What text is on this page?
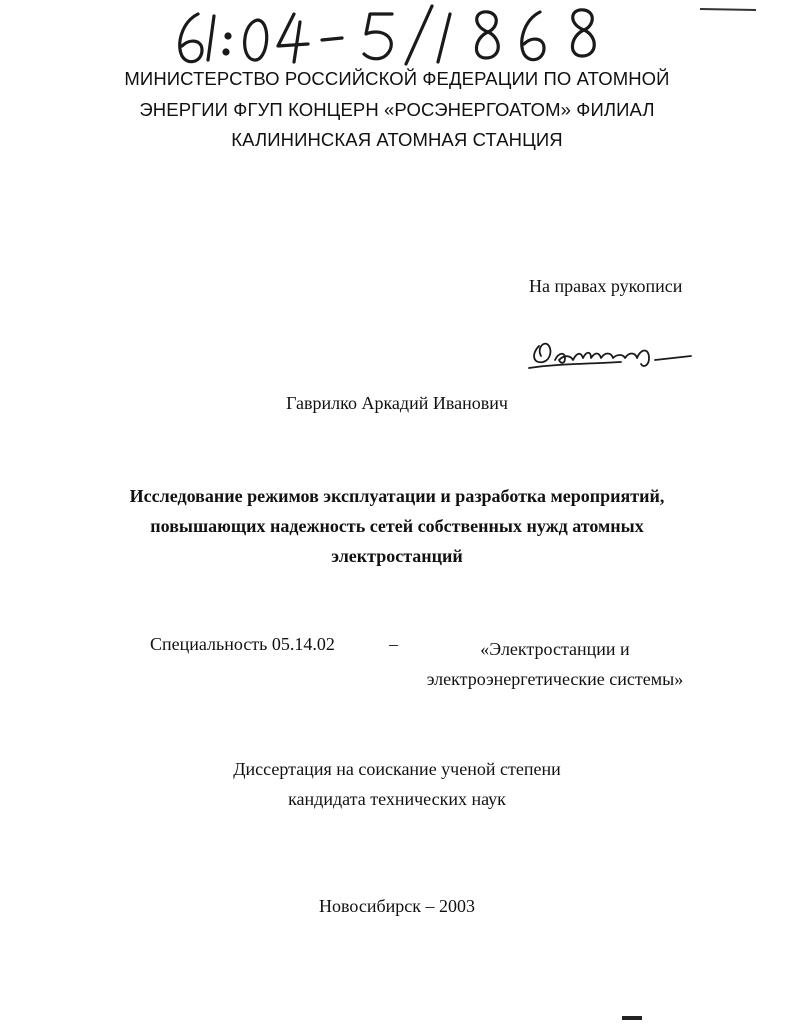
МИНИСТЕРСТВО РОССИЙСКОЙ ФЕДЕРАЦИИ ПО АТОМНОЙ
ЭНЕРГИИ ФГУП КОНЦЕРН «РОСЭНЕРГОАТОМ» ФИЛИАЛ
КАЛИНИНСКАЯ АТОМНАЯ СТАНЦИЯ
На правах рукописи
Гаврилко Аркадий Иванович
Исследование режимов эксплуатации и разработка мероприятий,
повышающих надежность сетей собственных нужд атомных
электростанций
Специальность 05.14.02	–	«Электростанции и
электроэнергетические системы»
Диссертация на соискание ученой степени
кандидата технических наук
Новосибирск – 2003
